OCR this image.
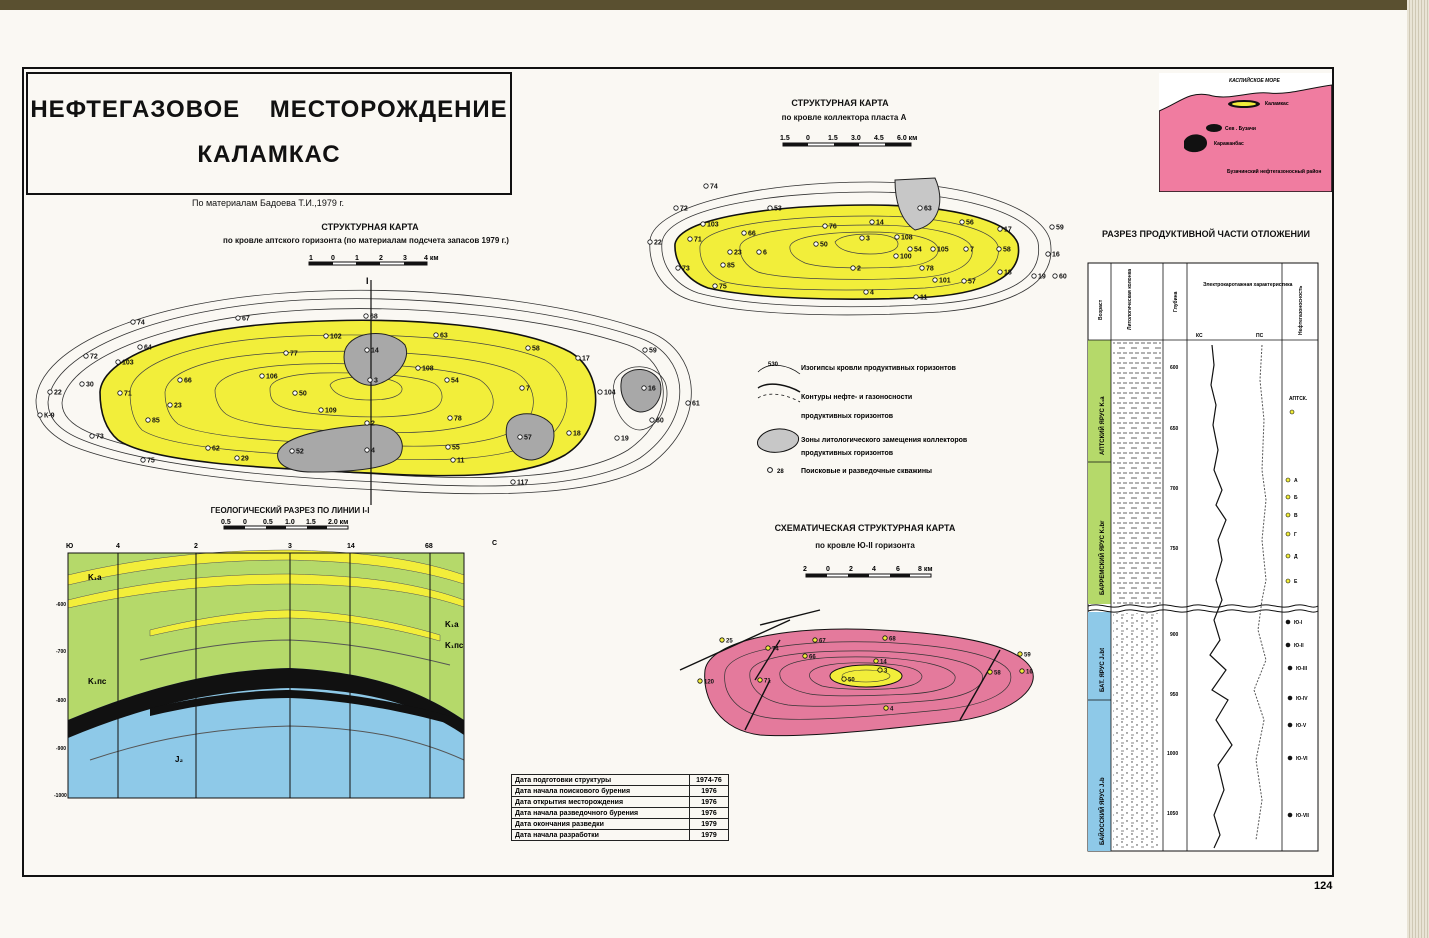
НЕФТЕГАЗОВОЕ МЕСТОРОЖДЕНИЕ
КАЛАМКАС
По материалам Бадоева Т.И.,1979 г.
СТРУКТУРНАЯ КАРТА
по кровле аптского горизонта (по материалам подсчета запасов 1979 г.)
1	0	1	2	3 4 км
I
67
74
68
63
59
64
102
14	58
17
72
103
77
3
108
54
104
16
22
30
71
66
106
50
7
61
К-9
85
23
109
2
78	60
73	57
18
19
62	52	4	55
75	29	11
117
СТРУКТУРНАЯ КАРТА
по кровле коллектора пласта А
1.5 0	1.5 3.0 4.5 6.0 км
74
72	53	63
56
59
103	76
14
17
22	71
66
3	108
105	7	58
16
23	6
50
54
73	85
100
2	78
101 57
18
19 60
75
4
11
КАСПИЙСКОЕ МОРЕ
Каламкас
Сев . Бузачи
Каражанбас
Бузачинский нефтегазоносный район
530
28
Изогипсы кровли продуктивных горизонтов
Контуры нефте- и газоносности
продуктивных горизонтов
Зоны литологического замещения коллекторов
продуктивных горизонтов
Поисковые и разведочные скважины
ГЕОЛОГИЧЕСКИЙ РАЗРЕЗ ПО ЛИНИИ I-I
0.5 0 0.5 1.0 1.5 2.0 км
Ю	4	2	3	14	68	С
-600
-700
-800
-900
-1000
K₁a
K₁a
K₁пс
K₁пс
J₂
СХЕМАТИЧЕСКАЯ СТРУКТУРНАЯ КАРТА
по кровле Ю-II горизонта
2	0	2	4	6	8 км
25
74
68
120	71
3
14
50
58
59
16
4
67
66
Дата подготовки структуры	1974-76
Дата начала поискового бурения	1976
Дата открытия месторождения	1976
Дата начала разведочного бурения	1976
Дата окончания разведки	1979
Дата начала разработки	1979
РАЗРЕЗ ПРОДУКТИВНОЙ ЧАСТИ ОТЛОЖЕНИИ
Возраст	Литологическая колонка	Глубина
Электрокаротажная характеристика
Нефтегазоносность
КС	ПС
600
650
700
750
900
950
1000
1050
АПТСКИЙ ЯРУС K₁a
БАРРЕМСКИЙ ЯРУС K₁br
БАТ. ЯРУС J₂bt
БАЙОССКИЙ ЯРУС J₂b
АПТСК.
А
Б
В
Г
Д
Е
Ю-I
Ю-II
Ю-III
Ю-IV
Ю-V
Ю-VI
Ю-VII
124
